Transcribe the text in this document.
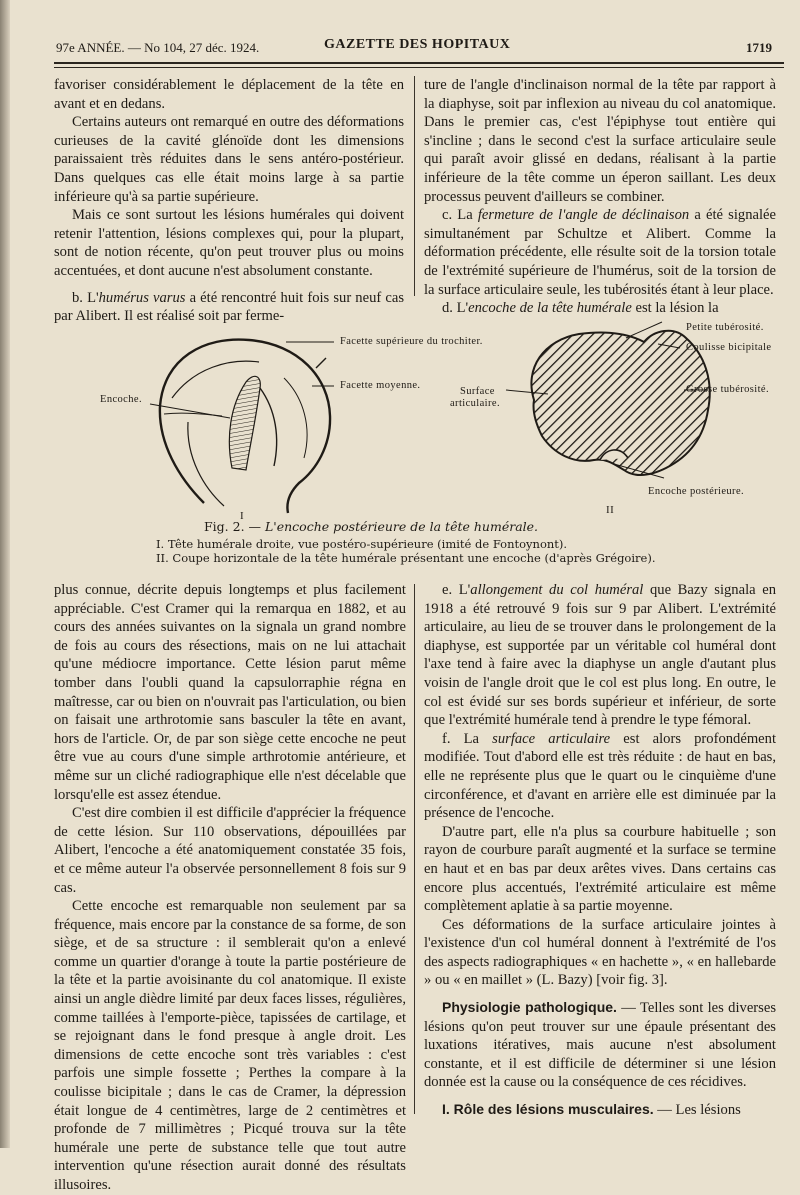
97e ANNÉE. — No 104, 27 déc. 1924.	GAZETTE DES HOPITAUX	1719

favoriser considérablement le déplacement de la tête en avant et en dedans.

Certains auteurs ont remarqué en outre des déformations curieuses de la cavité glénoïde dont les dimensions paraissaient très réduites dans le sens antéro-postérieur. Dans quelques cas elle était moins large à sa partie inférieure qu'à sa partie supérieure.

Mais ce sont surtout les lésions humérales qui doivent retenir l'attention, lésions complexes qui, pour la plupart, sont de notion récente, qu'on peut trouver plus ou moins accentuées, et dont aucune n'est absolument constante.

b. L'humérus varus a été rencontré huit fois sur neuf cas par Alibert. Il est réalisé soit par ferme-

ture de l'angle d'inclinaison normal de la tête par rapport à la diaphyse, soit par inflexion au niveau du col anatomique. Dans le premier cas, c'est l'épiphyse tout entière qui s'incline ; dans le second c'est la surface articulaire seule qui paraît avoir glissé en dedans, réalisant à la partie inférieure de la tête comme un éperon saillant. Les deux processus peuvent d'ailleurs se combiner.

c. La fermeture de l'angle de déclinaison a été signalée simultanément par Schultze et Alibert. Comme la déformation précédente, elle résulte soit de la torsion totale de l'extrémité supérieure de l'humérus, soit de la torsion de la surface articulaire seule, les tubérosités étant à leur place.

d. L'encoche de la tête humérale est la lésion la

Facette supérieure du trochiter.
Facette moyenne.
Encoche.
Surface
articulaire.
Petite tubérosité.
Coulisse bicipitale
Grosse tubérosité.
Encoche postérieure.
I	II
Fig. 2. — L'encoche postérieure de la tête humérale.
I. Tête humérale droite, vue postéro-supérieure (imité de Fontoynont).
II. Coupe horizontale de la tête humérale présentant une encoche (d'après Grégoire).

plus connue, décrite depuis longtemps et plus facilement appréciable. C'est Cramer qui la remarqua en 1882, et au cours des années suivantes on la signala un grand nombre de fois au cours des résections, mais on ne lui attachait qu'une médiocre importance. Cette lésion parut même tomber dans l'oubli quand la capsulorraphie régna en maîtresse, car ou bien on n'ouvrait pas l'articulation, ou bien on faisait une arthrotomie sans basculer la tête en avant, hors de l'article. Or, de par son siège cette encoche ne peut être vue au cours d'une simple arthrotomie antérieure, et même sur un cliché radiographique elle n'est décelable que lorsqu'elle est assez étendue.

C'est dire combien il est difficile d'apprécier la fréquence de cette lésion. Sur 110 observations, dépouillées par Alibert, l'encoche a été anatomiquement constatée 35 fois, et ce même auteur l'a observée personnellement 8 fois sur 9 cas.

Cette encoche est remarquable non seulement par sa fréquence, mais encore par la constance de sa forme, de son siège, et de sa structure : il semblerait qu'on a enlevé comme un quartier d'orange à toute la partie postérieure de la tête et la partie avoisinante du col anatomique. Il existe ainsi un angle dièdre limité par deux faces lisses, régulières, comme taillées à l'emporte-pièce, tapissées de cartilage, et se rejoignant dans le fond presque à angle droit. Les dimensions de cette encoche sont très variables : c'est parfois une simple fossette ; Perthes la compare à la coulisse bicipitale ; dans le cas de Cramer, la dépression était longue de 4 centimètres, large de 2 centimètres et profonde de 7 millimètres ; Picqué trouva sur la tête humérale une perte de substance telle que tout autre intervention qu'une résection aurait donné des résultats illusoires.

e. L'allongement du col huméral que Bazy signala en 1918 a été retrouvé 9 fois sur 9 par Alibert. L'extrémité articulaire, au lieu de se trouver dans le prolongement de la diaphyse, est supportée par un véritable col huméral dont l'axe tend à faire avec la diaphyse un angle d'autant plus voisin de l'angle droit que le col est plus long. En outre, le col est évidé sur ses bords supérieur et inférieur, de sorte que l'extrémité humérale tend à prendre le type fémoral.

f. La surface articulaire est alors profondément modifiée. Tout d'abord elle est très réduite : de haut en bas, elle ne représente plus que le quart ou le cinquième d'une circonférence, et d'avant en arrière elle est diminuée par la présence de l'encoche.

D'autre part, elle n'a plus sa courbure habituelle ; son rayon de courbure paraît augmenté et la surface se termine en haut et en bas par deux arêtes vives. Dans certains cas encore plus accentués, l'extrémité articulaire est même complètement aplatie à sa partie moyenne.

Ces déformations de la surface articulaire jointes à l'existence d'un col huméral donnent à l'extrémité de l'os des aspects radiographiques « en hachette », « en hallebarde » ou « en maillet » (L. Bazy) [voir fig. 3].

Physiologie pathologique. — Telles sont les diverses lésions qu'on peut trouver sur une épaule présentant des luxations itératives, mais aucune n'est absolument constante, et il est difficile de déterminer si une lésion donnée est la cause ou la conséquence de ces récidives.

I. Rôle des lésions musculaires. — Les lésions
